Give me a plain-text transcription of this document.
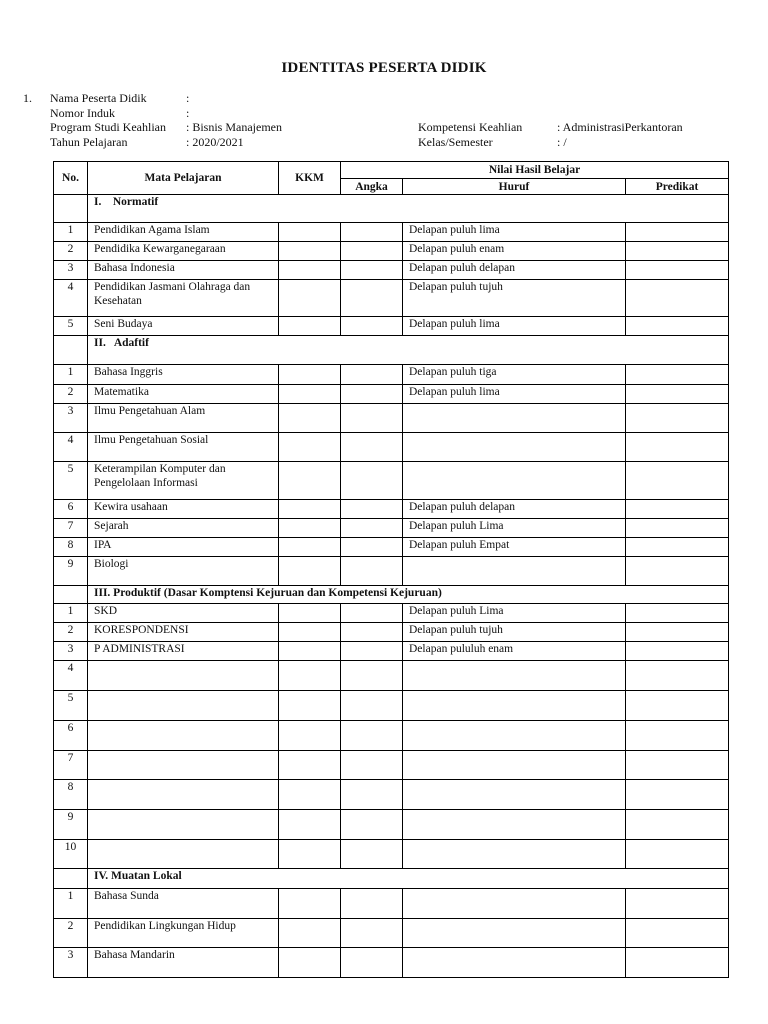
IDENTITAS PESERTA DIDIK
1. Nama Peserta Didik	:
Nomor Induk	:
Program Studi Keahlian : Bisnis Manajemen
Tahun Pelajaran	: 2020/2021
Kompetensi Keahlian	: AdministrasiPerkantoran
Kelas/Semester	: /
No.	Mata Pelajaran	KKM	Nilai Hasil Belajar		
			Angka	Huruf	Predikat
	I.    Normatif				
1	Pendidikan Agama Islam			Delapan puluh lima	
2	Pendidika Kewarganegaraan			Delapan puluh enam	
3	Bahasa Indonesia			Delapan puluh delapan	
4	Pendidikan Jasmani Olahraga dan Kesehatan			Delapan puluh tujuh	
5	Seni Budaya			Delapan puluh lima	
	II.   Adaftif				
1	Bahasa Inggris			Delapan puluh tiga	
2	Matematika			Delapan puluh lima	
3	Ilmu Pengetahuan Alam				
4	Ilmu Pengetahuan Sosial				
5	Keterampilan Komputer dan Pengelolaan Informasi				
6	Kewira usahaan			Delapan puluh delapan	
7	Sejarah			Delapan puluh Lima	
8	IPA			Delapan puluh Empat	
9	Biologi				
	III. Produktif (Dasar Komptensi Kejuruan dan Kompetensi Kejuruan)				
1	SKD			Delapan puluh Lima	
2	KORESPONDENSI			Delapan puluh tujuh	
3	P ADMINISTRASI			Delapan pululuh enam	
4					
5					
6					
7					
8					
9					
10					
	IV. Muatan Lokal				
1	Bahasa Sunda				
2	Pendidikan Lingkungan Hidup				
3	Bahasa Mandarin				
